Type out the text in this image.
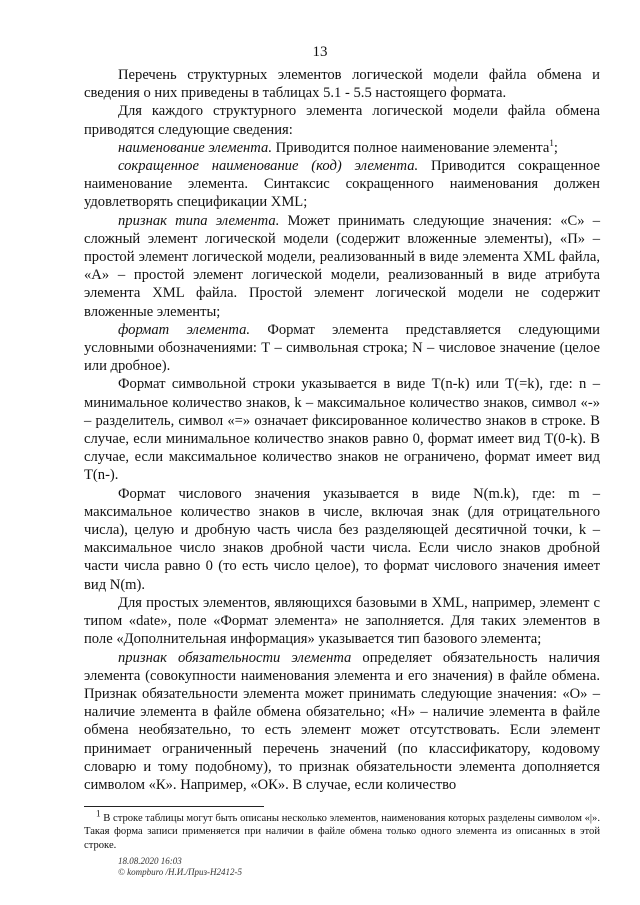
13

Перечень структурных элементов логической модели файла обмена и сведения о них приведены в таблицах 5.1 - 5.5 настоящего формата.

Для каждого структурного элемента логической модели файла обмена приводятся следующие сведения:

наименование элемента. Приводится полное наименование элемента$^1$;

сокращенное наименование (код) элемента. Приводится сокращенное наименование элемента. Синтаксис сокращенного наименования должен удовлетворять спецификации XML;

признак типа элемента. Может принимать следующие значения: «С» – сложный элемент логической модели (содержит вложенные элементы), «П» – простой элемент логической модели, реализованный в виде элемента XML файла, «А» – простой элемент логической модели, реализованный в виде атрибута элемента XML файла. Простой элемент логической модели не содержит вложенные элементы;

формат элемента. Формат элемента представляется следующими условными обозначениями: Т – символьная строка; N – числовое значение (целое или дробное).

Формат символьной строки указывается в виде Т(n-k) или Т(=k), где: n – минимальное количество знаков, k – максимальное количество знаков, символ «-» – разделитель, символ «=» означает фиксированное количество знаков в строке. В случае, если минимальное количество знаков равно 0, формат имеет вид Т(0-k). В случае, если максимальное количество знаков не ограничено, формат имеет вид Т(n-).

Формат числового значения указывается в виде N(m.k), где: m – максимальное количество знаков в числе, включая знак (для отрицательного числа), целую и дробную часть числа без разделяющей десятичной точки, k – максимальное число знаков дробной части числа. Если число знаков дробной части числа равно 0 (то есть число целое), то формат числового значения имеет вид N(m).

Для простых элементов, являющихся базовыми в XML, например, элемент с типом «date», поле «Формат элемента» не заполняется. Для таких элементов в поле «Дополнительная информация» указывается тип базового элемента;

признак обязательности элемента определяет обязательность наличия элемента (совокупности наименования элемента и его значения) в файле обмена. Признак обязательности элемента может принимать следующие значения: «О» – наличие элемента в файле обмена обязательно; «Н» – наличие элемента в файле обмена необязательно, то есть элемент может отсутствовать. Если элемент принимает ограниченный перечень значений (по классификатору, кодовому словарю и тому подобному), то признак обязательности элемента дополняется символом «К». Например, «ОК». В случае, если количество

$^1$ В строке таблицы могут быть описаны несколько элементов, наименования которых разделены символом «|». Такая форма записи применяется при наличии в файле обмена только одного элемента из описанных в этой строке.
18.08.2020 16:03
© kompburo /Н.И./Приз-Н2412-5
